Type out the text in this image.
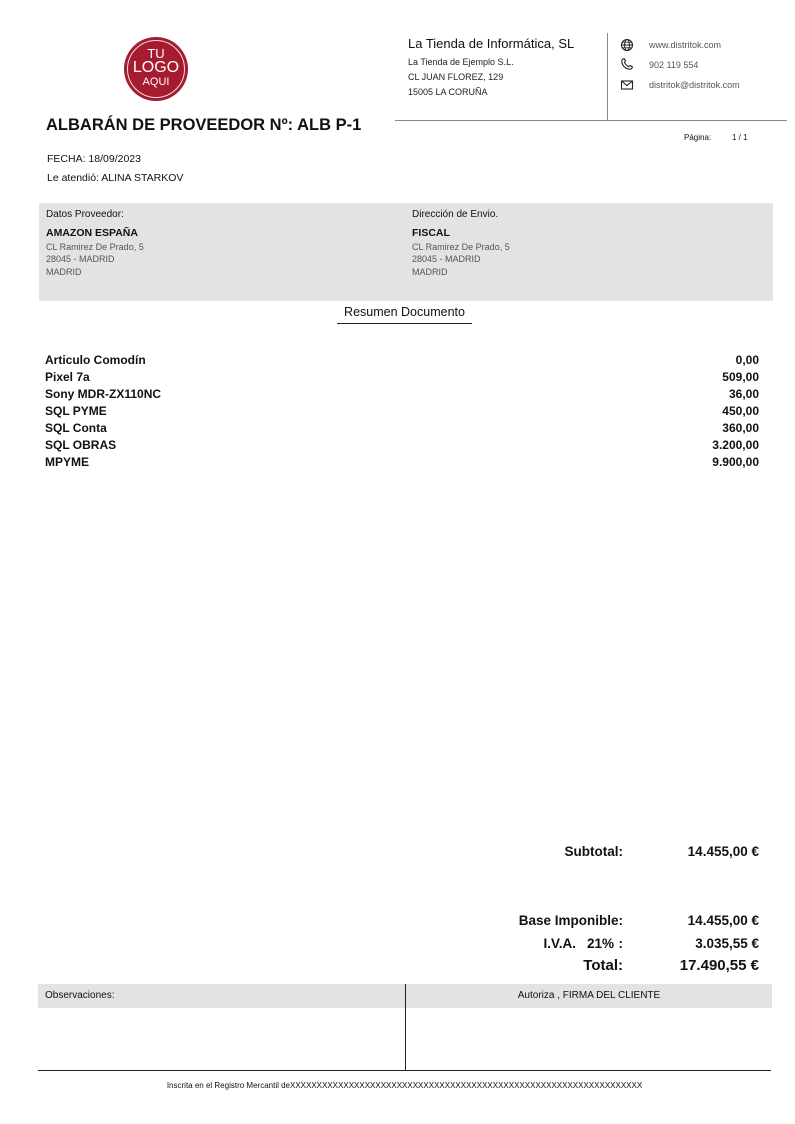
TU
LOGO
AQUI
La Tienda de Informática, SL
La Tienda de Ejemplo S.L.
CL JUAN FLOREZ, 129
15005 LA CORUÑA
www.distritok.com
902 119 554
distritok@distritok.com
ALBARÁN DE PROVEEDOR Nº: ALB P-1
Página:	1 / 1
FECHA: 18/09/2023
Le atendió: ALINA STARKOV
Datos Proveedor:
AMAZON ESPAÑA
CL Ramirez De Prado, 5
28045 - MADRID
MADRID
Dirección de Envio.
FISCAL
CL Ramirez De Prado, 5
28045 - MADRID
MADRID
Resumen Documento
Articulo Comodín	0,00
Pixel 7a	509,00
Sony MDR-ZX110NC	36,00
SQL PYME	450,00
SQL Conta	360,00
SQL OBRAS	3.200,00
MPYME	9.900,00
Subtotal:	14.455,00 €
Base Imponible:	14.455,00 €
I.V.A. 21% :	3.035,55 €
Total:	17.490,55 €
Observaciones:	Autoriza , FIRMA DEL CLIENTE
Inscrita en el Registro Mercantil deXXXXXXXXXXXXXXXXXXXXXXXXXXXXXXXXXXXXXXXXXXXXXXXXXXXXXXXXXXXXXXXXXX
